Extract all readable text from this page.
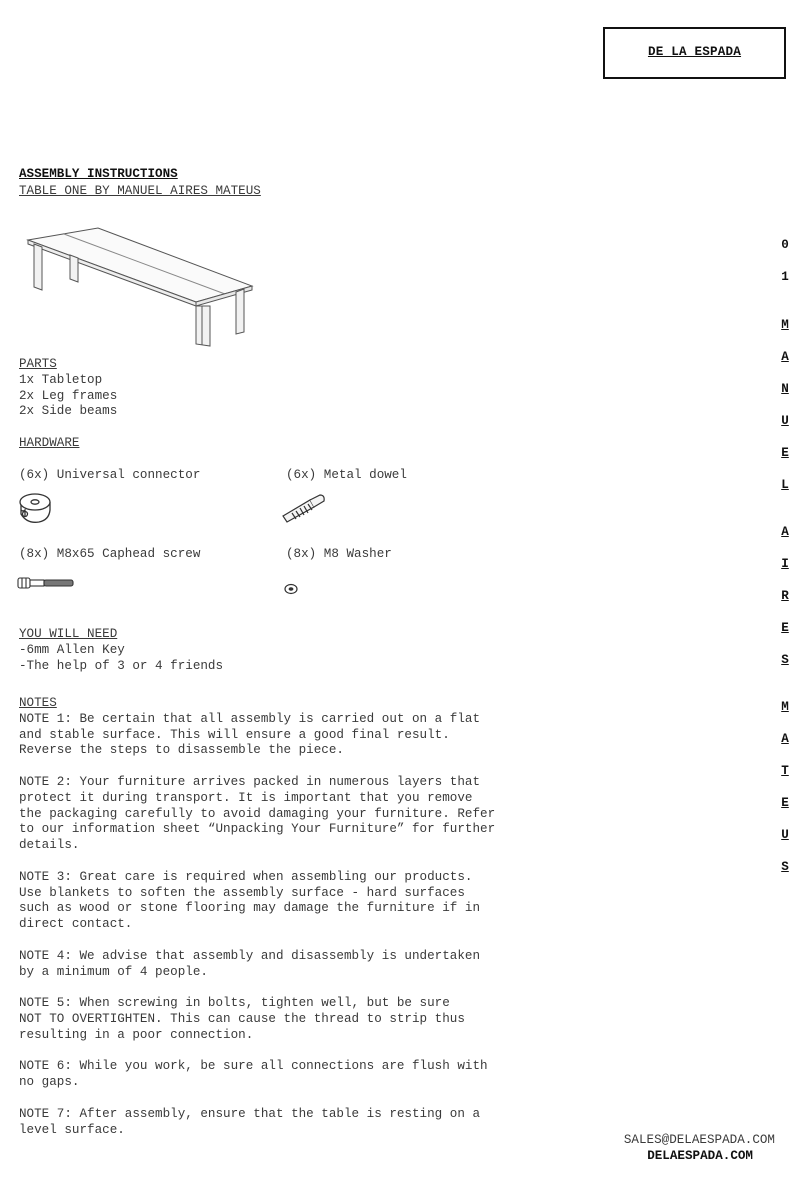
DE LA ESPADA
ASSEMBLY INSTRUCTIONS
TABLE ONE BY MANUEL AIRES MATEUS
PARTS
1x Tabletop
2x Leg frames
2x Side beams
HARDWARE
(6x) Universal connector	(6x) Metal dowel
(8x) M8x65 Caphead screw	(8x) M8 Washer
YOU WILL NEED
-6mm Allen Key
-The help of 3 or 4 friends
NOTES
NOTE 1: Be certain that all assembly is carried out on a flat
and stable surface. This will ensure a good final result.
Reverse the steps to disassemble the piece.
NOTE 2: Your furniture arrives packed in numerous layers that
protect it during transport. It is important that you remove
the packaging carefully to avoid damaging your furniture. Refer
to our information sheet “Unpacking Your Furniture” for further
details.
NOTE 3: Great care is required when assembling our products.
Use blankets to soften the assembly surface - hard surfaces
such as wood or stone flooring may damage the furniture if in
direct contact.
NOTE 4: We advise that assembly and disassembly is undertaken
by a minimum of 4 people.
NOTE 5: When screwing in bolts, tighten well, but be sure
NOT TO OVERTIGHTEN. This can cause the thread to strip thus
resulting in a poor connection.
NOTE 6: While you work, be sure all connections are flush with
no gaps.
NOTE 7: After assembly, ensure that the table is resting on a
level surface.
0
1
M
A
N
U
E
L
A
I
R
E
S
M
A
T
E
U
S
SALES@DELAESPADA.COM
DELAESPADA.COM
